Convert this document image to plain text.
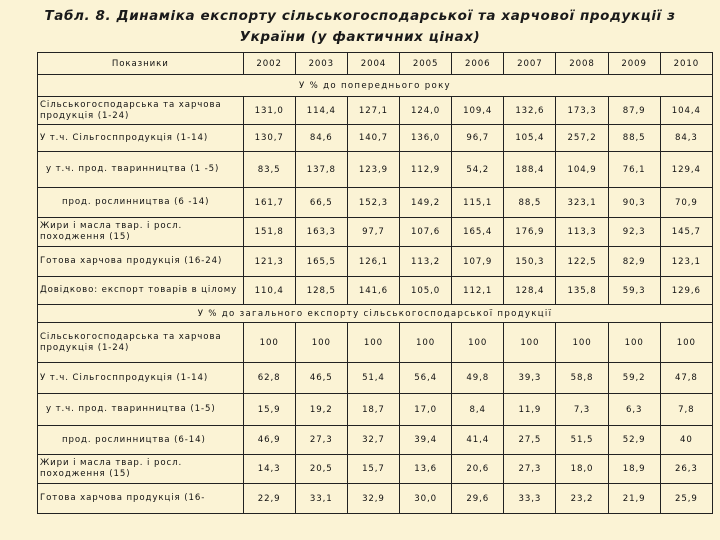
Табл. 8. Динаміка експорту сільськогосподарської та харчової продукції з України (у фактичних цінах)
Показники	2002	2003	2004	2005	2006	2007	2008	2009	2010
У % до попереднього року									
Сільськогосподарська та харчова продукція (1-24)	131,0	114,4	127,1	124,0	109,4	132,6	173,3	87,9	104,4
У т.ч. Сільгосппродукція (1-14)	130,7	84,6	140,7	136,0	96,7	105,4	257,2	88,5	84,3
у т.ч. прод. тваринництва (1 -5)	83,5	137,8	123,9	112,9	54,2	188,4	104,9	76,1	129,4
прод. рослинництва (6 -14)	161,7	66,5	152,3	149,2	115,1	88,5	323,1	90,3	70,9
Жири і масла твар. і росл. походження (15)	151,8	163,3	97,7	107,6	165,4	176,9	113,3	92,3	145,7
Готова харчова продукція (16-24)	121,3	165,5	126,1	113,2	107,9	150,3	122,5	82,9	123,1
Довідково: експорт товарів в цілому	110,4	128,5	141,6	105,0	112,1	128,4	135,8	59,3	129,6
У % до загального експорту сільськогосподарської продукції									
Сільськогосподарська та харчова продукція (1-24)	100	100	100	100	100	100	100	100	100
У т.ч. Сільгосппродукція (1-14)	62,8	46,5	51,4	56,4	49,8	39,3	58,8	59,2	47,8
у т.ч. прод. тваринництва (1-5)	15,9	19,2	18,7	17,0	8,4	11,9	7,3	6,3	7,8
прод. рослинництва (6-14)	46,9	27,3	32,7	39,4	41,4	27,5	51,5	52,9	40
Жири і масла твар. і росл. походження (15)	14,3	20,5	15,7	13,6	20,6	27,3	18,0	18,9	26,3
Готова харчова продукція (16-	22,9	33,1	32,9	30,0	29,6	33,3	23,2	21,9	25,9
